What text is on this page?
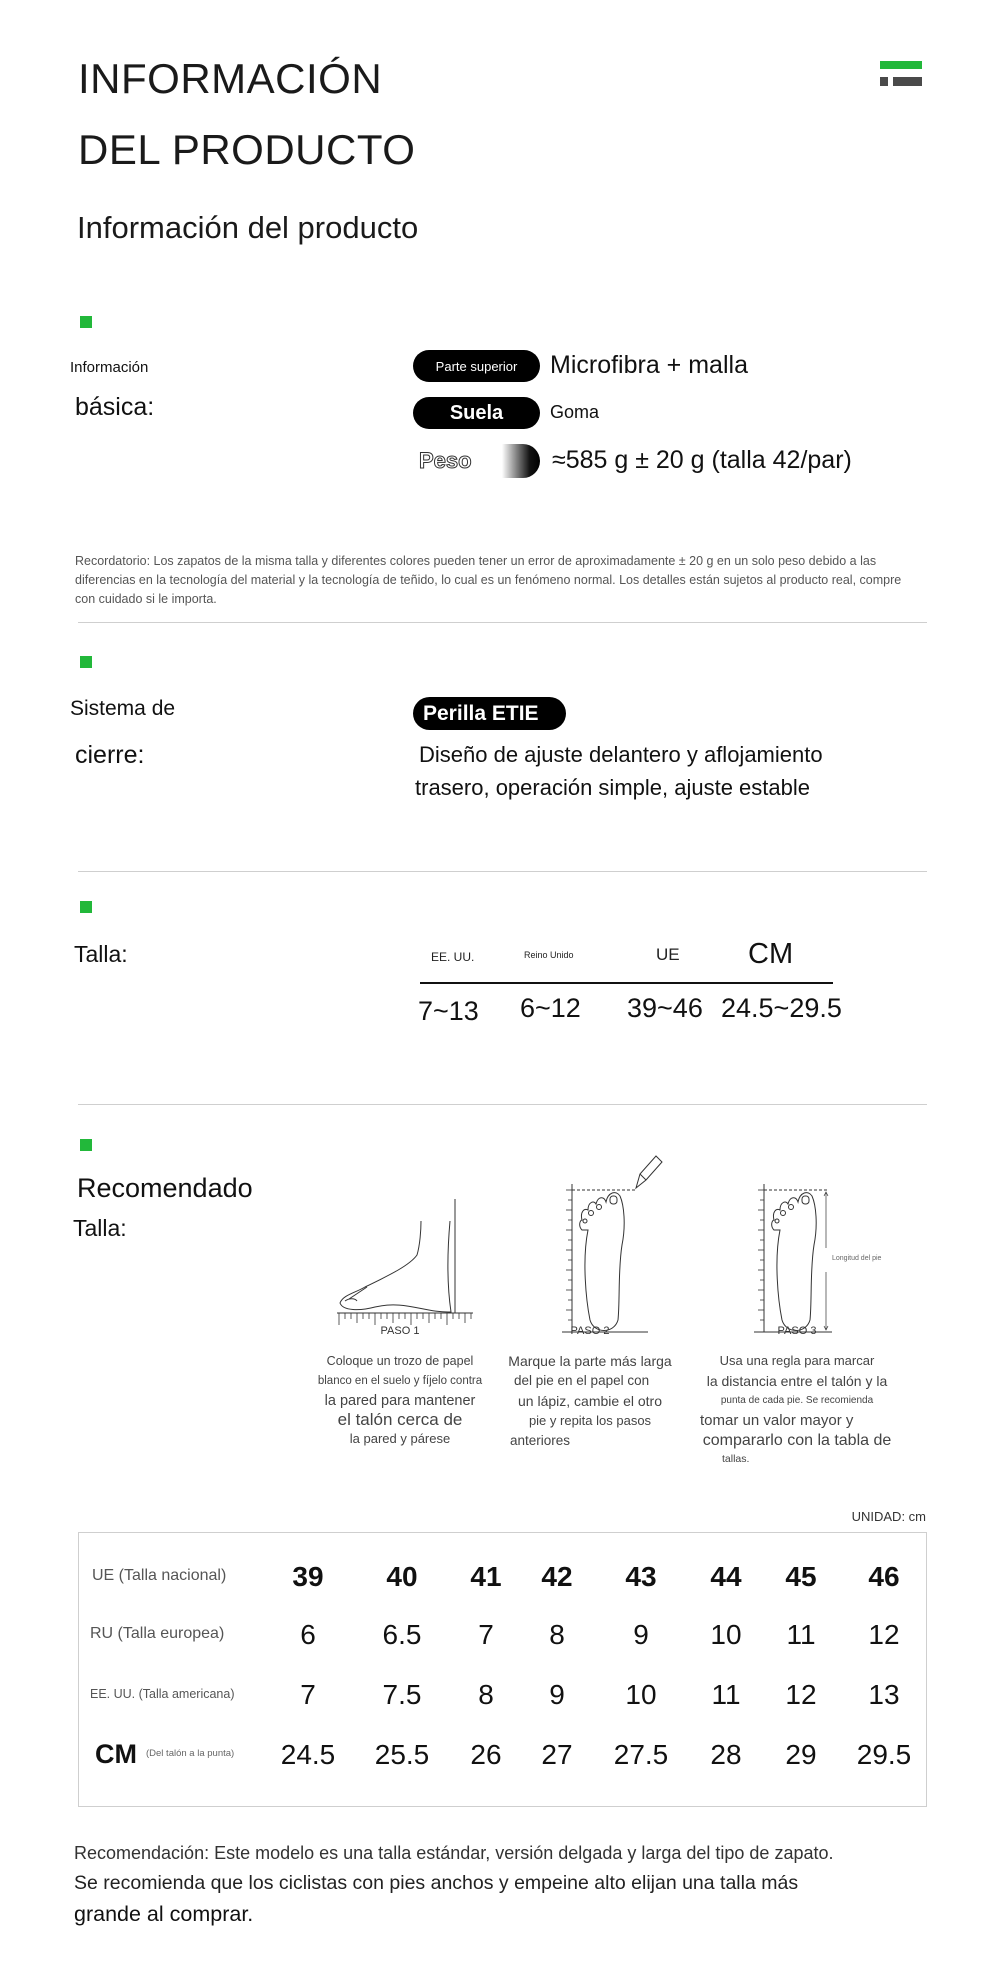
INFORMACIÓN
DEL PRODUCTO
Información del producto
Información
básica:
Parte superior Microfibra + malla
Suela	Goma
Peso	≈585 g ± 20 g (talla 42/par)
Recordatorio: Los zapatos de la misma talla y diferentes colores pueden tener un error de aproximadamente ± 20 g en un solo peso debido a las diferencias en la tecnología del material y la tecnología de teñido, lo cual es un fenómeno normal. Los detalles están sujetos al producto real, compre con cuidado si le importa.
Sistema de
cierre:
Perilla ETIE
Diseño de ajuste delantero y aflojamiento
trasero, operación simple, ajuste estable
Talla:	EE. UU.	Reino Unido	UE CM
7~13 6~12 39~46 24.5~29.5
Recomendado
Talla:
Longitud del pie
PASO 1
Coloque un trozo de papel
blanco en el suelo y fíjelo contra
la pared para mantener
el talón cerca de
la pared y párese
PASO 2
Marque la parte más larga
del pie en el papel con
un lápiz, cambie el otro
pie y repita los pasos
anteriores
PASO 3
Usa una regla para marcar
la distancia entre el talón y la
punta de cada pie. Se recomienda
tomar un valor mayor y
compararlo con la tabla de
tallas.
UNIDAD: cm
UE (Talla nacional) 39 40 41 42 43 44 45 46
RU (Talla europea)	6 6.5 7 8 9 10 11 12
EE. UU. (Talla americana) 7 7.5 8 9 10 11 12 13
CM (Del talón a la punta) 24.5 25.5 26 27 27.5 28 29 29.5
Recomendación: Este modelo es una talla estándar, versión delgada y larga del tipo de zapato.
Se recomienda que los ciclistas con pies anchos y empeine alto elijan una talla más
grande al comprar.
